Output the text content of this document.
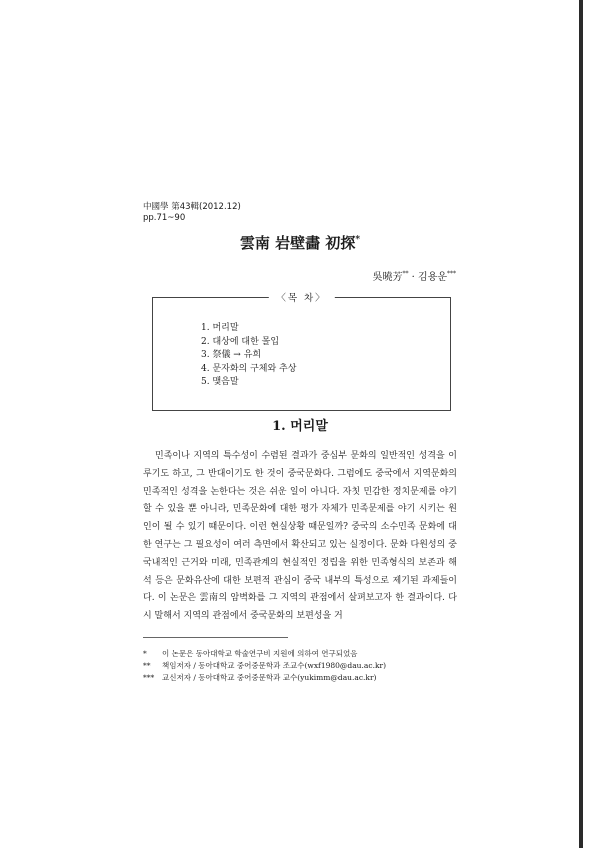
中國學 第43輯(2012.12)
pp.71~90
雲南 岩壁畵 初探*
吳曉芳** · 김용운***
〈목 차〉
1. 머리말
2. 대상에 대한 몰입
3. 祭儀 → 유희
4. 문자화의 구체와 추상
5. 맺음말
1. 머리말

민족이나 지역의 특수성이 수렴된 결과가 중심부 문화의 일반적인 성격을 이루기도 하고, 그 반대이기도 한 것이 중국문화다. 그럼에도 중국에서 지역문화의 민족적인 성격을 논한다는 것은 쉬운 일이 아니다. 자칫 민감한 정치문제를 야기할 수 있을 뿐 아니라, 민족문화에 대한 평가 자체가 민족문제를 야기 시키는 원인이 될 수 있기 때문이다. 이런 현실상황 때문일까? 중국의 소수민족 문화에 대한 연구는 그 필요성이 여러 측면에서 확산되고 있는 실정이다. 문화 다원성의 중국내적인 근거와 미래, 민족관계의 현실적인 정립을 위한 민족형식의 보존과 해석 등은 문화유산에 대한 보편적 관심이 중국 내부의 특성으로 제기된 과제들이다. 이 논문은 雲南의 암벽화를 그 지역의 관점에서 살펴보고자 한 결과이다. 다시 말해서 지역의 관점에서 중국문화의 보편성을 거

*	이 논문은 동아대학교 학술연구비 지원에 의하여 연구되었음
**	책임저자 / 동아대학교 중어중문학과 조교수(wxf1980@dau.ac.kr)
***	교신저자 / 동아대학교 중어중문학과 교수(yukimm@dau.ac.kr)
